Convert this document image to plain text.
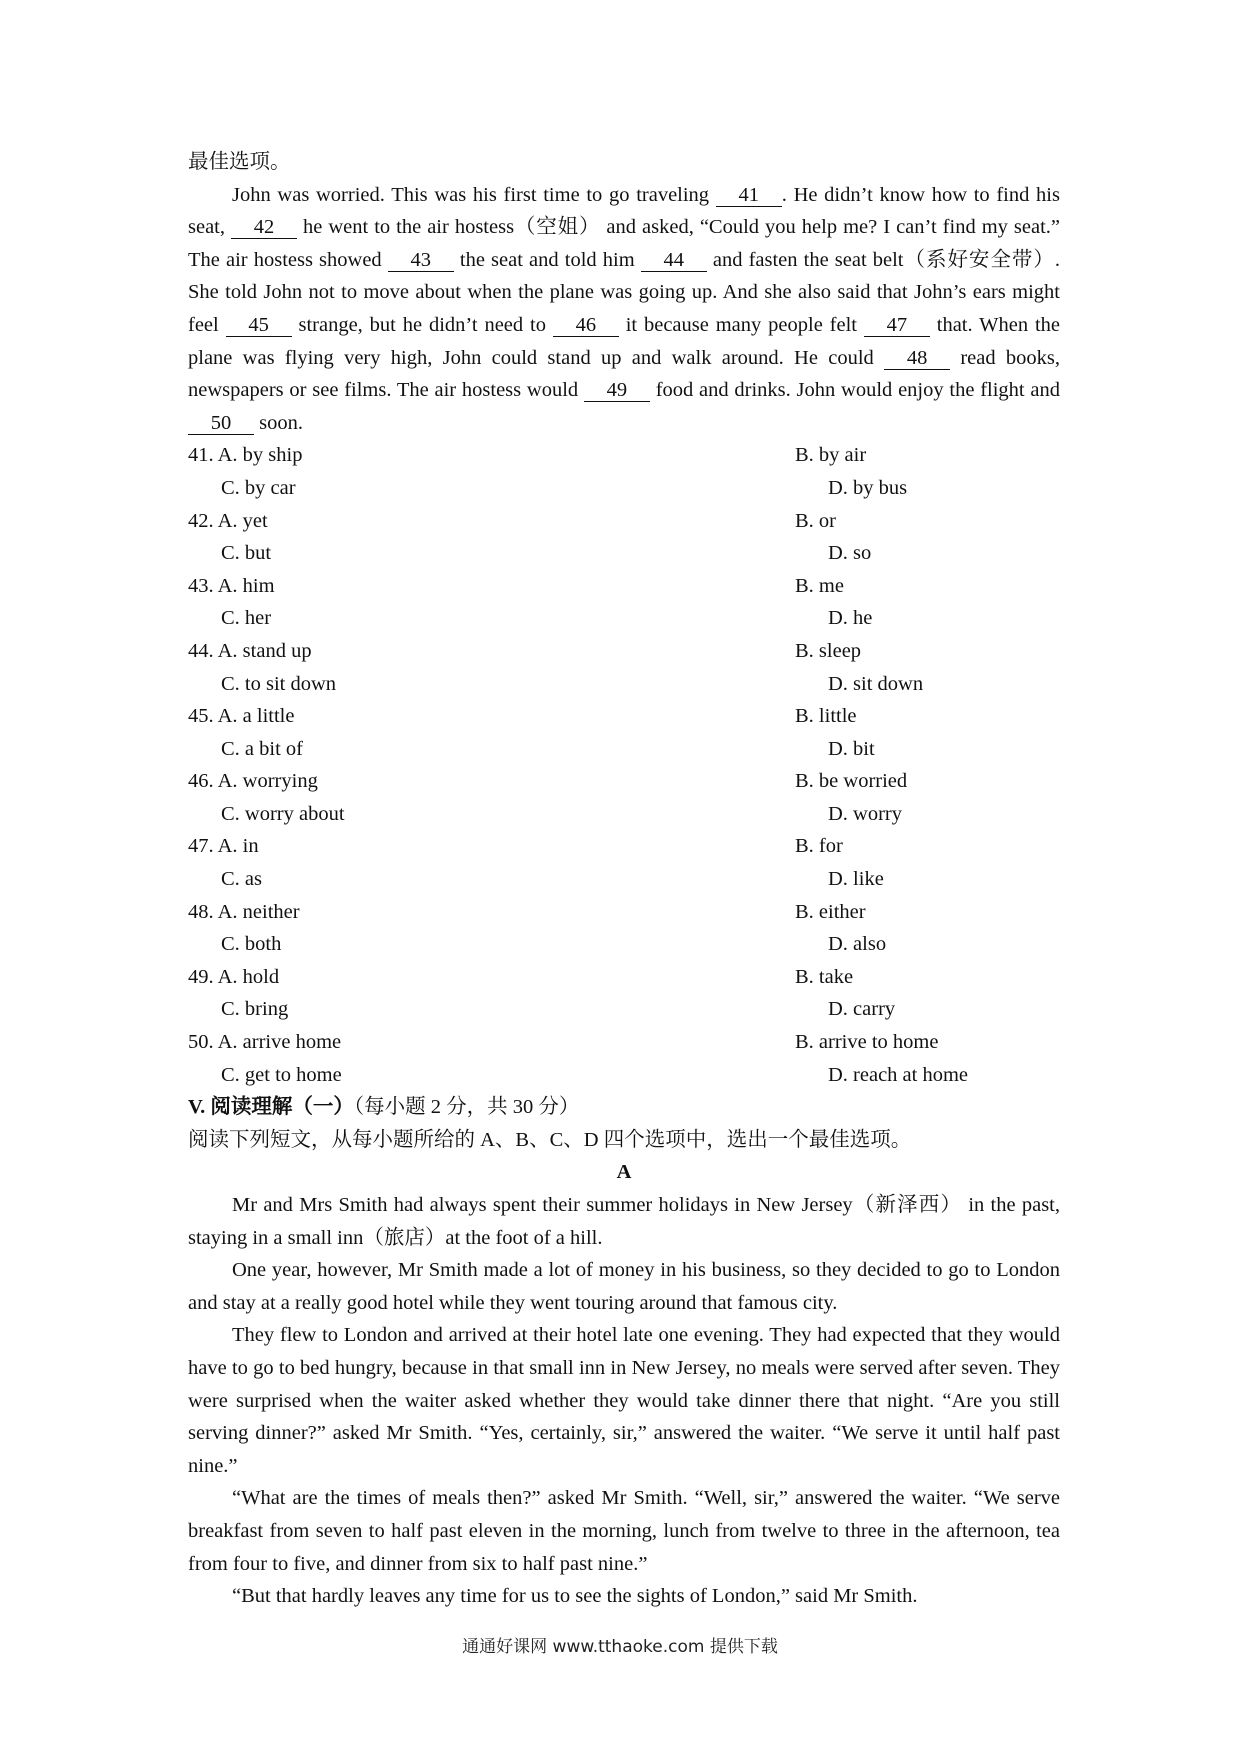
最佳选项。

John was worried. This was his first time to go traveling 41 . He didn’t know how to find his seat, 42 he went to the air hostess（空姐） and asked, “Could you help me? I can’t find my seat.” The air hostess showed 43 the seat and told him 44 and fasten the seat belt（系好安全带）. She told John not to move about when the plane was going up. And she also said that John’s ears might feel 45 strange, but he didn’t need to 46 it because many people felt 47 that. When the plane was flying very high, John could stand up and walk around. He could 48 read books, newspapers or see films. The air hostess would 49 food and drinks. John would enjoy the flight and 50 soon.

41. A. by ship	B. by air
C. by car	D. by bus
42. A. yet	B. or
C. but	D. so
43. A. him	B. me
C. her	D. he
44. A. stand up	B. sleep
C. to sit down	D. sit down
45. A. a little	B. little
C. a bit of	D. bit
46. A. worrying	B. be worried
C. worry about	D. worry
47. A. in	B. for
C. as	D. like
48. A. neither	B. either
C. both	D. also
49. A. hold	B. take
C. bring	D. carry
50. A. arrive home	B. arrive to home
C. get to home	D. reach at home
V. 阅读理解（一）（每小题 2 分，共 30 分）
阅读下列短文，从每小题所给的 A、B、C、D 四个选项中，选出一个最佳选项。
A

Mr and Mrs Smith had always spent their summer holidays in New Jersey（新泽西） in the past, staying in a small inn（旅店）at the foot of a hill.

One year, however, Mr Smith made a lot of money in his business, so they decided to go to London and stay at a really good hotel while they went touring around that famous city.

They flew to London and arrived at their hotel late one evening. They had expected that they would have to go to bed hungry, because in that small inn in New Jersey, no meals were served after seven. They were surprised when the waiter asked whether they would take dinner there that night. “Are you still serving dinner?” asked Mr Smith. “Yes, certainly, sir,” answered the waiter. “We serve it until half past nine.”

“What are the times of meals then?” asked Mr Smith. “Well, sir,” answered the waiter. “We serve breakfast from seven to half past eleven in the morning, lunch from twelve to three in the afternoon, tea from four to five, and dinner from six to half past nine.”

“But that hardly leaves any time for us to see the sights of London,” said Mr Smith.

通通好课网 www.tthaoke.com 提供下载
